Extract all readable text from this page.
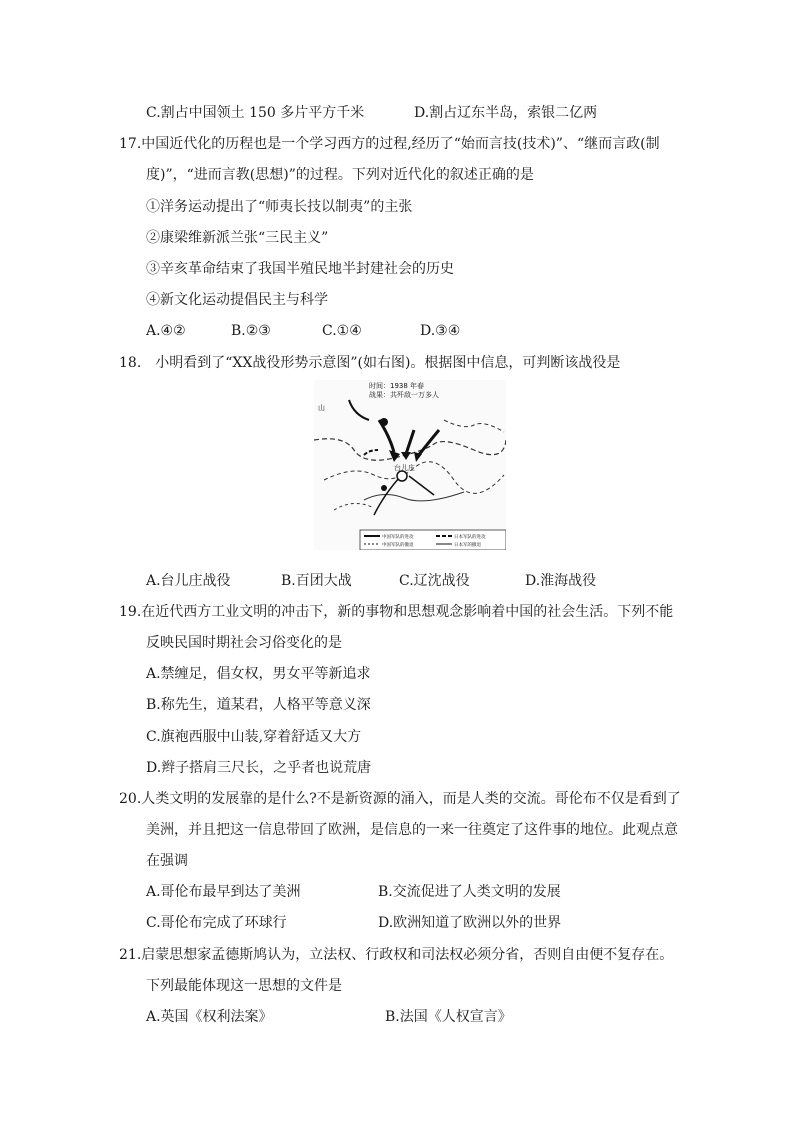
C.割占中国领土 150 多片平方千米	D.割占辽东半岛，索银二亿两
17.中国近代化的历程也是一个学习西方的过程,经历了“始而言技(技术)”、“继而言政(制
度)”，“进而言教(思想)”的过程。下列对近代化的叙述正确的是
①洋务运动提出了“师夷长技以制夷”的主张
②康梁维新派兰张“三民主义”
③辛亥革命结束了我国半殖民地半封建社会的历史
④新文化运动提倡民主与科学
A.④②	B.②③	C.①④	D.③④
18.　小明看到了“XX战役形势示意图”(如右图)。根据图中信息，可判断该战役是
时间：1938 年春
战果：共歼敌一万多人
台儿庄
山
中国军队的进攻
中国军队的撤退
日本军队的进攻
日本军的撤退
A.台儿庄战役	B.百团大战	C.辽沈战役	D.淮海战役
19.在近代西方工业文明的冲击下，新的事物和思想观念影响着中国的社会生活。下列不能
反映民国时期社会习俗变化的是
A.禁缠足，倡女权，男女平等新追求
B.称先生，道某君，人格平等意义深
C.旗袍西服中山装,穿着舒适又大方
D.辫子搭肩三尺长，之乎者也说荒唐
20.人类文明的发展靠的是什么?不是新资源的涌入，而是人类的交流。哥伦布不仅是看到了
美洲，并且把这一信息带回了欧洲，是信息的一来一往奠定了这件事的地位。此观点意
在强调
A.哥伦布最早到达了美洲	B.交流促进了人类文明的发展
C.哥伦布完成了环球行	D.欧洲知道了欧洲以外的世界
21.启蒙思想家孟德斯鸠认为，立法权、行政权和司法权必须分省，否则自由便不复存在。
下列最能体现这一思想的文件是
A.英国《权利法案》	B.法国《人权宣言》
